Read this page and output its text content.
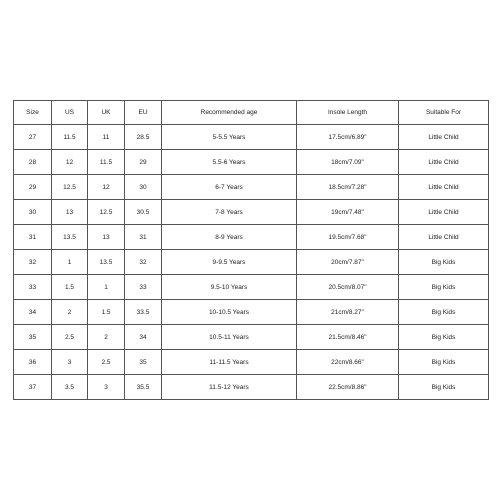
Size	US	UK	EU	Recommended age	Insole Length	Suitable For
27	11.5	11	28.5	5-5.5 Years	17.5cm/6.89"	Little Child
28	12	11.5	29	5.5-6 Years	18cm/7.09"	Little Child
29	12.5	12	30	6-7 Years	18.5cm/7.28"	Little Child
30	13	12.5	30.5	7-8 Years	19cm/7.48"	Little Child
31	13.5	13	31	8-9 Years	19.5cm/7.68"	Little Child
32	1	13.5	32	9-9.5 Years	20cm/7.87"	Big Kids
33	1.5	1	33	9.5-10 Years	20.5cm/8.07"	Big Kids
34	2	1.5	33.5	10-10.5 Years	21cm/8.27"	Big Kids
35	2.5	2	34	10.5-11 Years	21.5cm/8.46"	Big Kids
36	3	2.5	35	11-11.5 Years	22cm/8.66"	Big Kids
37	3.5	3	35.5	11.5-12 Years	22.5cm/8.86"	Big Kids
